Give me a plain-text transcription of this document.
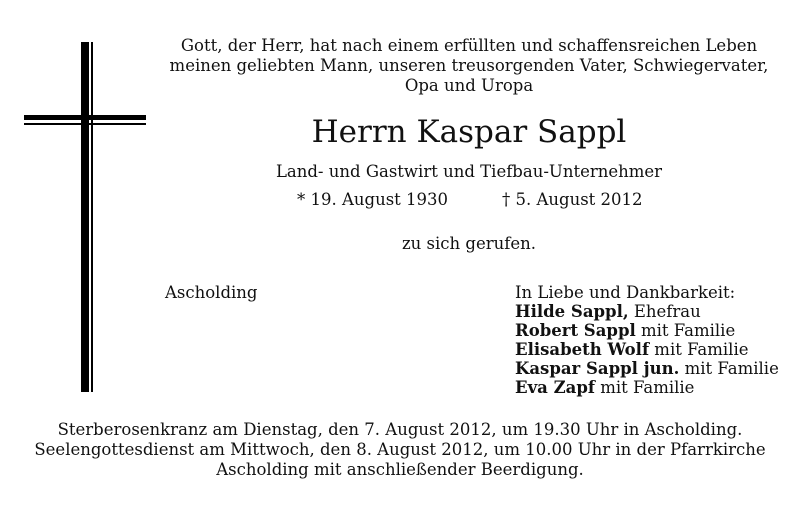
Gott, der Herr, hat nach einem erfüllten und schaffensreichen Leben
meinen geliebten Mann, unseren treusorgenden Vater, Schwiegervater,
Opa und Uropa
Herrn Kaspar Sappl
Land- und Gastwirt und Tiefbau-Unternehmer
* 19. August 1930	† 5. August 2012
zu sich gerufen.
Ascholding	In Liebe und Dankbarkeit:
Hilde Sappl, Ehefrau
Robert Sappl mit Familie
Elisabeth Wolf mit Familie
Kaspar Sappl jun. mit Familie
Eva Zapf mit Familie
Sterberosenkranz am Dienstag, den 7. August 2012, um 19.30 Uhr in Ascholding.
Seelengottesdienst am Mittwoch, den 8. August 2012, um 10.00 Uhr in der Pfarrkirche
Ascholding mit anschließender Beerdigung.
